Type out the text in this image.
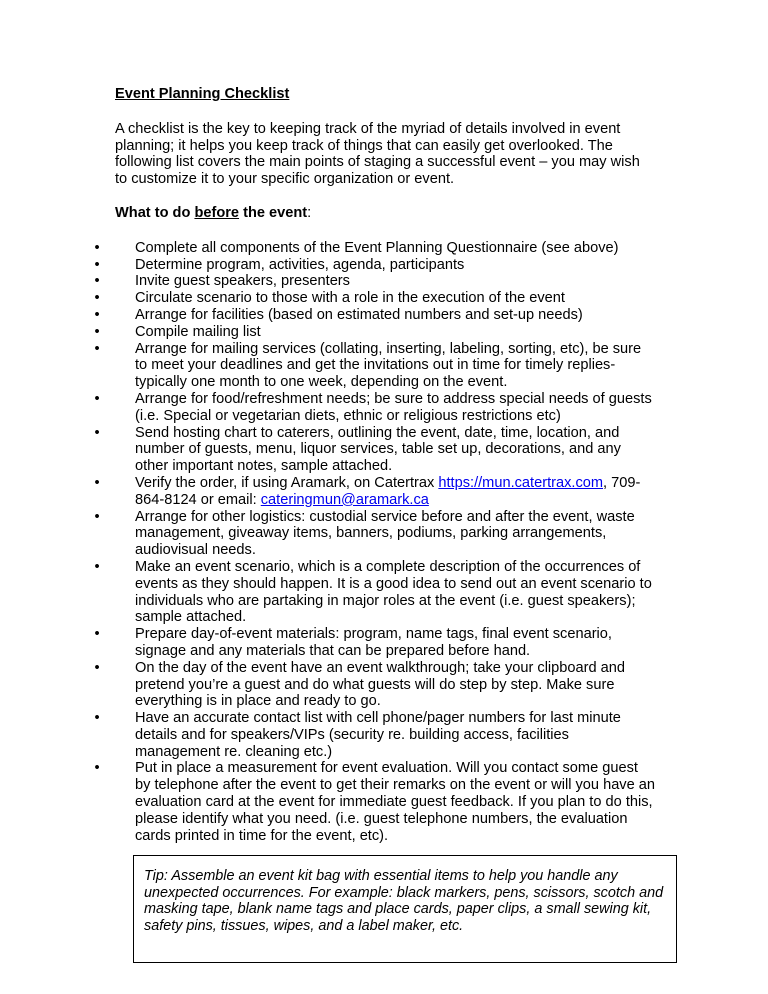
Event Planning Checklist

A checklist is the key to keeping track of the myriad of details involved in event planning; it helps you keep track of things that can easily get overlooked. The following list covers the main points of staging a successful event – you may wish to customize it to your specific organization or event.

What to do before the event:
• Complete all components of the Event Planning Questionnaire (see above)
• Determine program, activities, agenda, participants
• Invite guest speakers, presenters
• Circulate scenario to those with a role in the execution of the event
• Arrange for facilities (based on estimated numbers and set-up needs)
• Compile mailing list
• Arrange for mailing services (collating, inserting, labeling, sorting, etc), be sure to meet your deadlines and get the invitations out in time for timely replies- typically one month to one week, depending on the event.
• Arrange for food/refreshment needs; be sure to address special needs of guests (i.e. Special or vegetarian diets, ethnic or religious restrictions etc)
• Send hosting chart to caterers, outlining the event, date, time, location, and number of guests, menu, liquor services, table set up, decorations, and any other important notes, sample attached.
• Verify the order, if using Aramark, on Catertrax https://mun.catertrax.com, 709-864-8124 or email: cateringmun@aramark.ca
• Arrange for other logistics: custodial service before and after the event, waste management, giveaway items, banners, podiums, parking arrangements, audiovisual needs.
• Make an event scenario, which is a complete description of the occurrences of events as they should happen. It is a good idea to send out an event scenario to individuals who are partaking in major roles at the event (i.e. guest speakers); sample attached.
• Prepare day-of-event materials: program, name tags, final event scenario, signage and any materials that can be prepared before hand.
• On the day of the event have an event walkthrough; take your clipboard and pretend you’re a guest and do what guests will do step by step. Make sure everything is in place and ready to go.
• Have an accurate contact list with cell phone/pager numbers for last minute details and for speakers/VIPs (security re. building access, facilities management re. cleaning etc.)
• Put in place a measurement for event evaluation. Will you contact some guest by telephone after the event to get their remarks on the event or will you have an evaluation card at the event for immediate guest feedback. If you plan to do this, please identify what you need. (i.e. guest telephone numbers, the evaluation cards printed in time for the event, etc).
Tip: Assemble an event kit bag with essential items to help you handle any unexpected occurrences. For example: black markers, pens, scissors, scotch and masking tape, blank name tags and place cards, paper clips, a small sewing kit, safety pins, tissues, wipes, and a label maker, etc.
